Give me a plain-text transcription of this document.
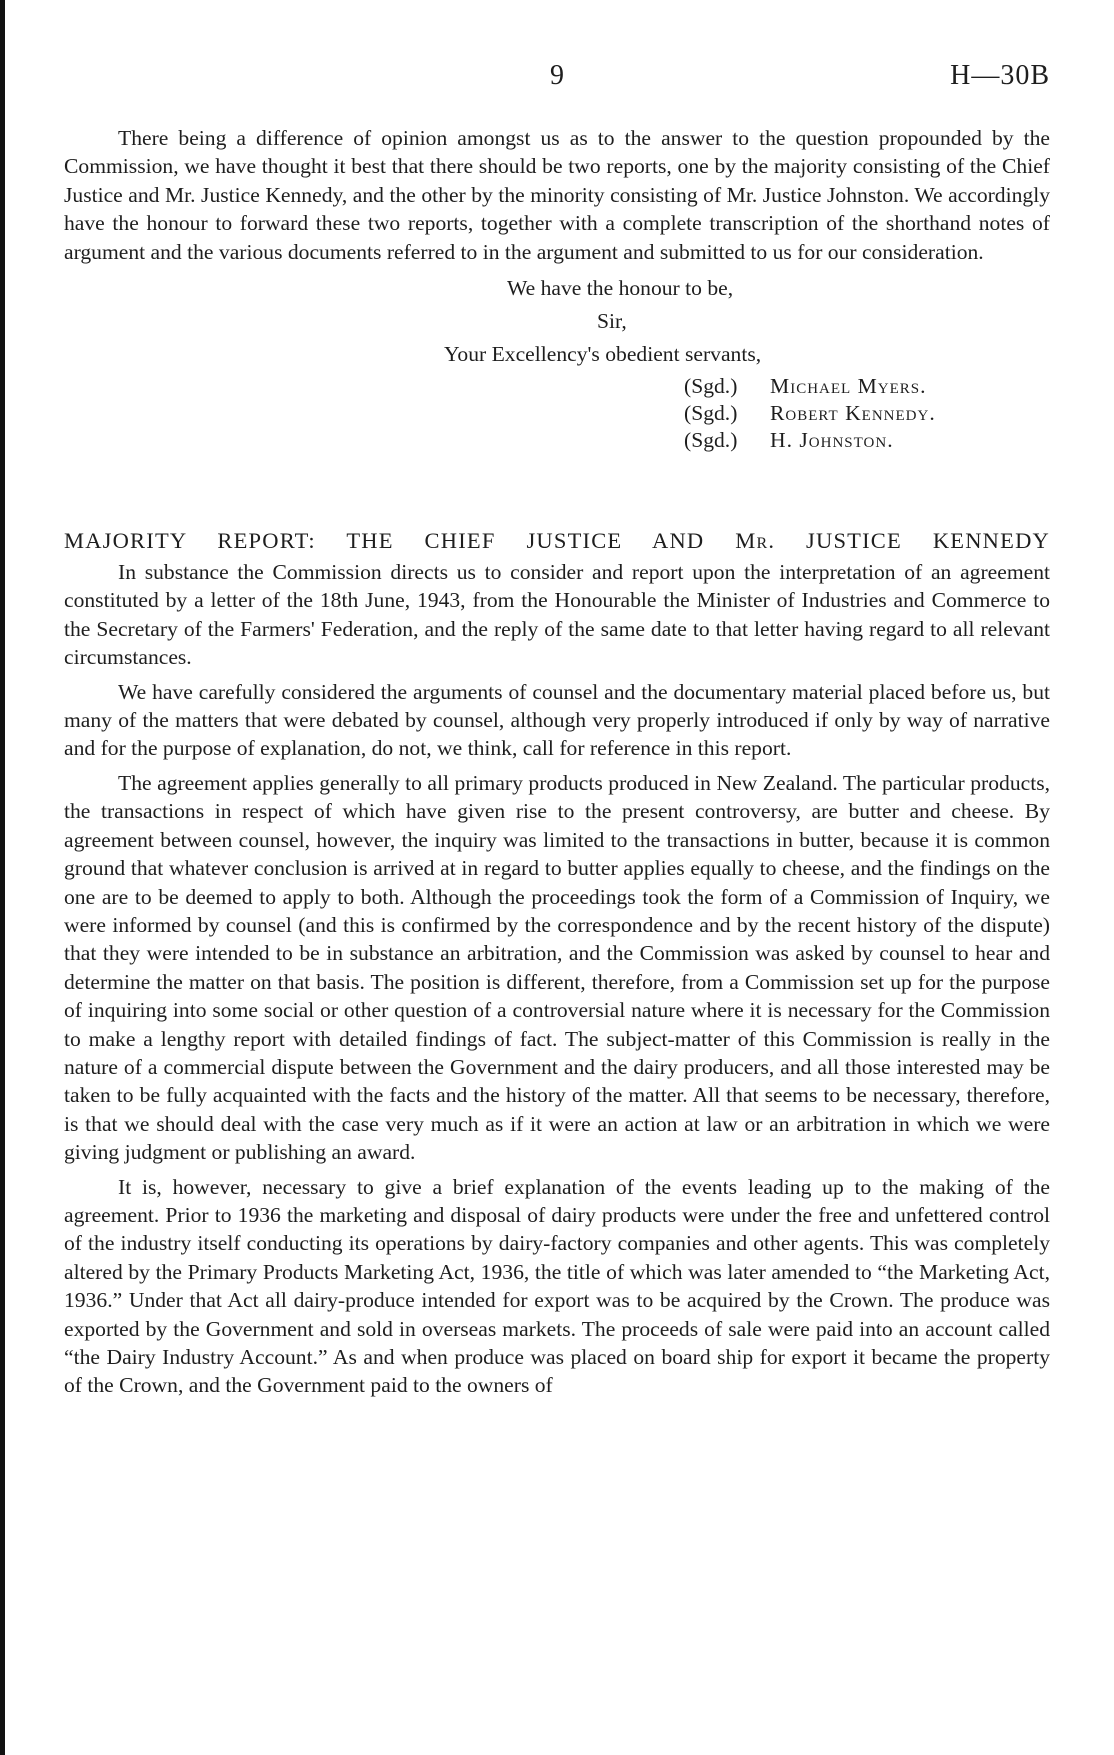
9	H—30B

There being a difference of opinion amongst us as to the answer to the question propounded by the Commission, we have thought it best that there should be two reports, one by the majority consisting of the Chief Justice and Mr. Justice Kennedy, and the other by the minority consisting of Mr. Justice Johnston. We accordingly have the honour to forward these two reports, together with a complete transcription of the shorthand notes of argument and the various documents referred to in the argument and submitted to us for our consideration.

We have the honour to be,
Sir,
Your Excellency's obedient servants,
(Sgd.) Michael Myers.
(Sgd.) Robert Kennedy.
(Sgd.) H. Johnston.
MAJORITY REPORT: THE CHIEF JUSTICE AND Mr. JUSTICE KENNEDY

In substance the Commission directs us to consider and report upon the interpretation of an agreement constituted by a letter of the 18th June, 1943, from the Honourable the Minister of Industries and Commerce to the Secretary of the Farmers' Federation, and the reply of the same date to that letter having regard to all relevant circumstances.

We have carefully considered the arguments of counsel and the documentary material placed before us, but many of the matters that were debated by counsel, although very properly introduced if only by way of narrative and for the purpose of explanation, do not, we think, call for reference in this report.

The agreement applies generally to all primary products produced in New Zealand. The particular products, the transactions in respect of which have given rise to the present controversy, are butter and cheese. By agreement between counsel, however, the inquiry was limited to the transactions in butter, because it is common ground that whatever conclusion is arrived at in regard to butter applies equally to cheese, and the findings on the one are to be deemed to apply to both. Although the proceedings took the form of a Commission of Inquiry, we were informed by counsel (and this is confirmed by the correspondence and by the recent history of the dispute) that they were intended to be in substance an arbitration, and the Commission was asked by counsel to hear and determine the matter on that basis. The position is different, therefore, from a Commission set up for the purpose of inquiring into some social or other question of a controversial nature where it is necessary for the Commission to make a lengthy report with detailed findings of fact. The subject-matter of this Commission is really in the nature of a commercial dispute between the Government and the dairy producers, and all those interested may be taken to be fully acquainted with the facts and the history of the matter. All that seems to be necessary, therefore, is that we should deal with the case very much as if it were an action at law or an arbitration in which we were giving judgment or publishing an award.

It is, however, necessary to give a brief explanation of the events leading up to the making of the agreement. Prior to 1936 the marketing and disposal of dairy products were under the free and unfettered control of the industry itself conducting its operations by dairy-factory companies and other agents. This was completely altered by the Primary Products Marketing Act, 1936, the title of which was later amended to “the Marketing Act, 1936.” Under that Act all dairy-produce intended for export was to be acquired by the Crown. The produce was exported by the Government and sold in overseas markets. The proceeds of sale were paid into an account called “the Dairy Industry Account.” As and when produce was placed on board ship for export it became the property of the Crown, and the Government paid to the owners of
